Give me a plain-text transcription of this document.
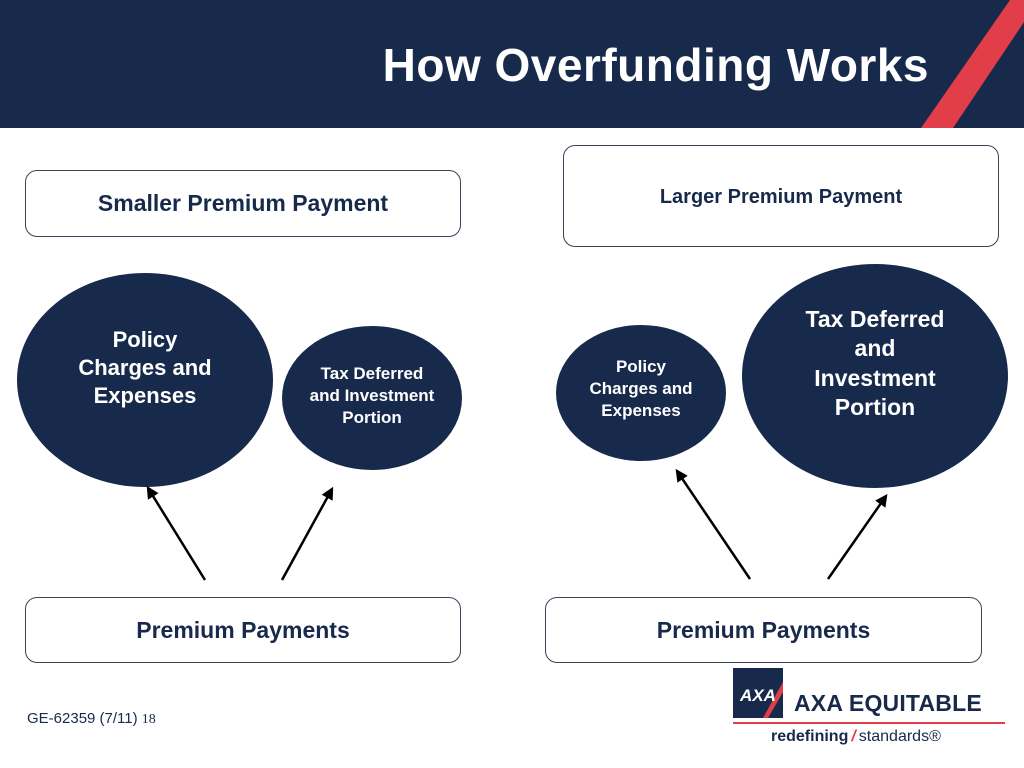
How Overfunding Works
Smaller Premium Payment
Policy
Charges and
Expenses
Tax Deferred
and Investment
Portion
Premium Payments
Larger Premium Payment
Policy
Charges and
Expenses
Tax Deferred
and
Investment
Portion
Premium Payments
GE-62359 (7/11) 18
AXA AXA EQUITABLE
redefining / standards®
